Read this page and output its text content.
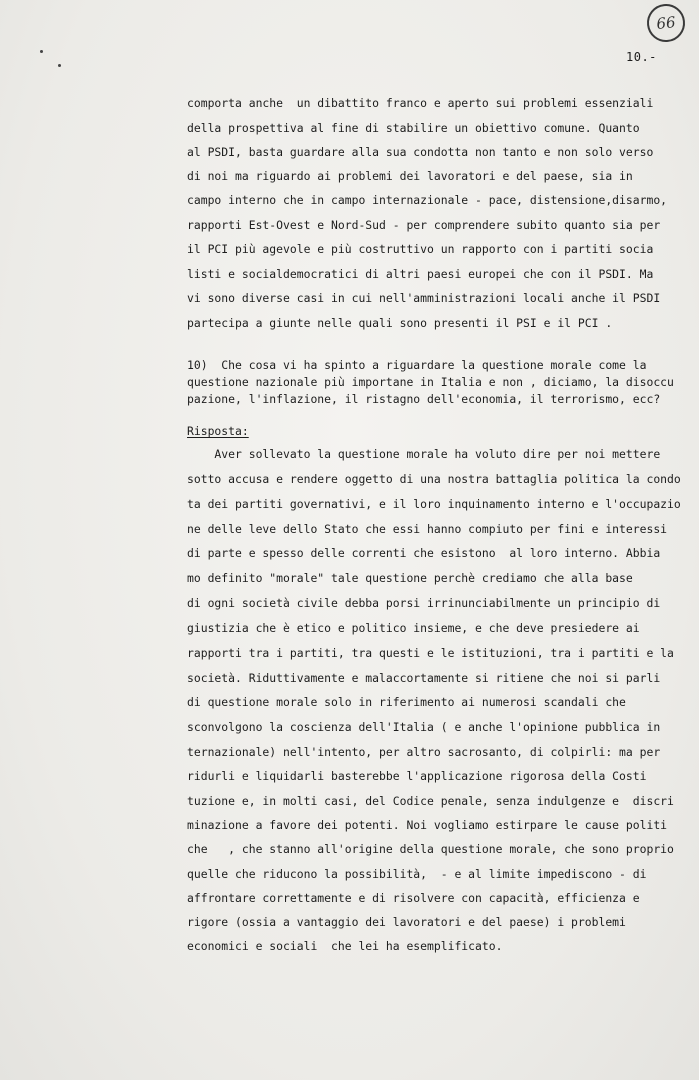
66
10.-
comporta anche  un dibattito franco e aperto sui problemi essenziali
della prospettiva al fine di stabilire un obiettivo comune. Quanto
al PSDI, basta guardare alla sua condotta non tanto e non solo verso
di noi ma riguardo ai problemi dei lavoratori e del paese, sia in
campo interno che in campo internazionale - pace, distensione,disarmo,
rapporti Est-Ovest e Nord-Sud - per comprendere subito quanto sia per
il PCI più agevole e più costruttivo un rapporto con i partiti socia
listi e socialdemocratici di altri paesi europei che con il PSDI. Ma
vi sono diverse casi in cui nell'amministrazioni locali anche il PSDI
partecipa a giunte nelle quali sono presenti il PSI e il PCI .
10)  Che cosa vi ha spinto a riguardare la questione morale come la
questione nazionale più importane in Italia e non , diciamo, la disoccu
pazione, l'inflazione, il ristagno dell'economia, il terrorismo, ecc?
Risposta:
Aver sollevato la questione morale ha voluto dire per noi mettere
sotto accusa e rendere oggetto di una nostra battaglia politica la condo
ta dei partiti governativi, e il loro inquinamento interno e l'occupazio
ne delle leve dello Stato che essi hanno compiuto per fini e interessi
di parte e spesso delle correnti che esistono  al loro interno. Abbia
mo definito "morale" tale questione perchè crediamo che alla base
di ogni società civile debba porsi irrinunciabilmente un principio di
giustizia che è etico e politico insieme, e che deve presiedere ai
rapporti tra i partiti, tra questi e le istituzioni, tra i partiti e la
società. Riduttivamente e malaccortamente si ritiene che noi si parli
di questione morale solo in riferimento ai numerosi scandali che
sconvolgono la coscienza dell'Italia ( e anche l'opinione pubblica in
ternazionale) nell'intento, per altro sacrosanto, di colpirli: ma per
ridurli e liquidarli basterebbe l'applicazione rigorosa della Costi
tuzione e, in molti casi, del Codice penale, senza indulgenze e  discri
minazione a favore dei potenti. Noi vogliamo estirpare le cause politi
che   , che stanno all'origine della questione morale, che sono proprio
quelle che riducono la possibilità,  - e al limite impediscono - di
affrontare correttamente e di risolvere con capacità, efficienza e
rigore (ossia a vantaggio dei lavoratori e del paese) i problemi
economici e sociali  che lei ha esemplificato.
